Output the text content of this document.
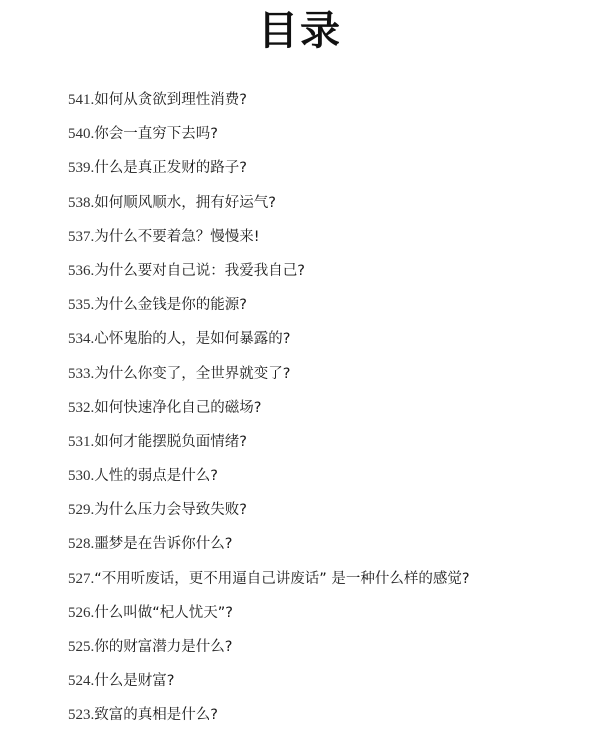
目录
541.如何从贪欲到理性消费?
540.你会一直穷下去吗?
539.什么是真正发财的路子?
538.如何顺风顺水，拥有好运气?
537.为什么不要着急？慢慢来!
536.为什么要对自己说：我爱我自己?
535.为什么金钱是你的能源?
534.心怀鬼胎的人，是如何暴露的?
533.为什么你变了，全世界就变了?
532.如何快速净化自己的磁场?
531.如何才能摆脱负面情绪?
530.人性的弱点是什么?
529.为什么压力会导致失败?
528.噩梦是在告诉你什么?
527.“不用听废话，更不用逼自己讲废话” 是一种什么样的感觉?
526.什么叫做“杞人忧天”?
525.你的财富潜力是什么?
524.什么是财富?
523.致富的真相是什么?
